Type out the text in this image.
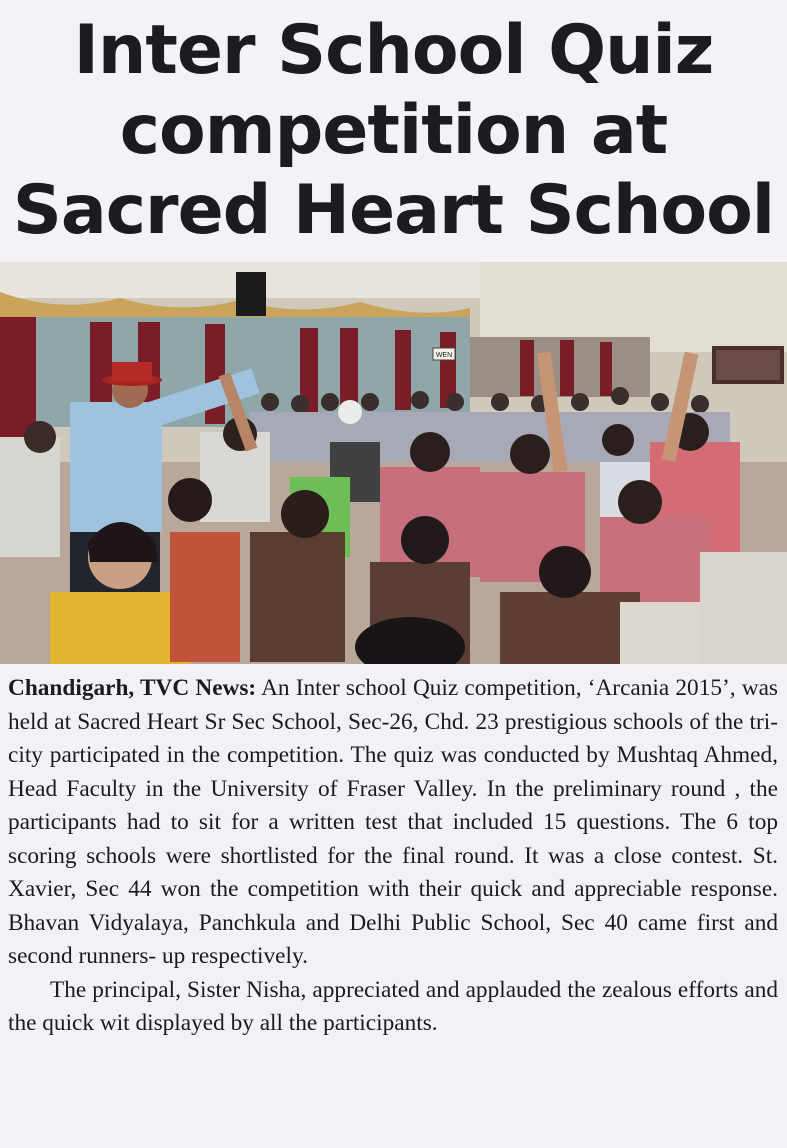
Inter School Quiz
competition at
Sacred Heart School
WEN

Chandigarh, TVC News: An Inter school Quiz competition, ‘Arcania 2015’, was held at Sacred Heart Sr Sec School, Sec-26, Chd. 23 prestigious schools of the tri-city participated in the competition. The quiz was conducted by Mushtaq Ahmed, Head Faculty in the University of Fraser Valley. In the preliminary round , the participants had to sit for a written test that included 15 questions. The 6 top scoring schools were shortlisted for the final round. It was a close contest. St. Xavier, Sec 44 won the competition with their quick and appreciable response. Bhavan Vidyalaya, Panchkula and Delhi Public School, Sec 40 came first and second runners- up respectively.

The principal, Sister Nisha, appreciated and applauded the zealous efforts and the quick wit displayed by all the participants.
